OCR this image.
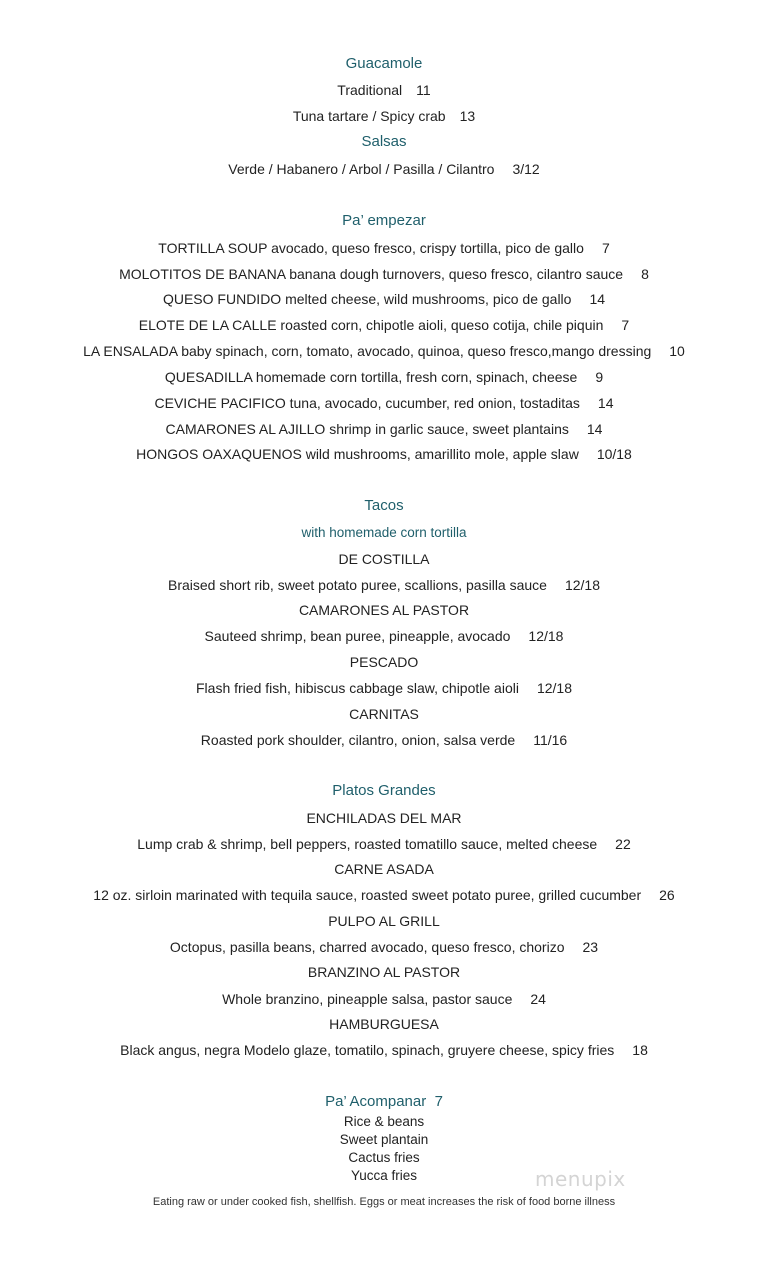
Guacamole
Traditional 11
Tuna tartare / Spicy crab 13
Salsas
Verde / Habanero / Arbol / Pasilla / Cilantro 3/12
Pa’ empezar
TORTILLA SOUP avocado, queso fresco, crispy tortilla, pico de gallo 7
MOLOTITOS DE BANANA banana dough turnovers, queso fresco, cilantro sauce 8
QUESO FUNDIDO melted cheese, wild mushrooms, pico de gallo 14
ELOTE DE LA CALLE roasted corn, chipotle aioli, queso cotija, chile piquin 7
LA ENSALADA baby spinach, corn, tomato, avocado, quinoa, queso fresco,mango dressing 10
QUESADILLA homemade corn tortilla, fresh corn, spinach, cheese 9
CEVICHE PACIFICO tuna, avocado, cucumber, red onion, tostaditas 14
CAMARONES AL AJILLO shrimp in garlic sauce, sweet plantains 14
HONGOS OAXAQUENOS wild mushrooms, amarillito mole, apple slaw 10/18
Tacos
with homemade corn tortilla
DE COSTILLA
Braised short rib, sweet potato puree, scallions, pasilla sauce 12/18
CAMARONES AL PASTOR
Sauteed shrimp, bean puree, pineapple, avocado 12/18
PESCADO
Flash fried fish, hibiscus cabbage slaw, chipotle aioli 12/18
CARNITAS
Roasted pork shoulder, cilantro, onion, salsa verde 11/16
Platos Grandes
ENCHILADAS DEL MAR
Lump crab & shrimp, bell peppers, roasted tomatillo sauce, melted cheese 22
CARNE ASADA
12 oz. sirloin marinated with tequila sauce, roasted sweet potato puree, grilled cucumber 26
PULPO AL GRILL
Octopus, pasilla beans, charred avocado, queso fresco, chorizo 23
BRANZINO AL PASTOR
Whole branzino, pineapple salsa, pastor sauce 24
HAMBURGUESA
Black angus, negra Modelo glaze, tomatilo, spinach, gruyere cheese, spicy fries 18
Pa’ Acompanar 7
Rice & beans
Sweet plantain
Cactus fries
Yucca fries
Eating raw or under cooked fish, shellfish. Eggs or meat increases the risk of food borne illness
menupix
